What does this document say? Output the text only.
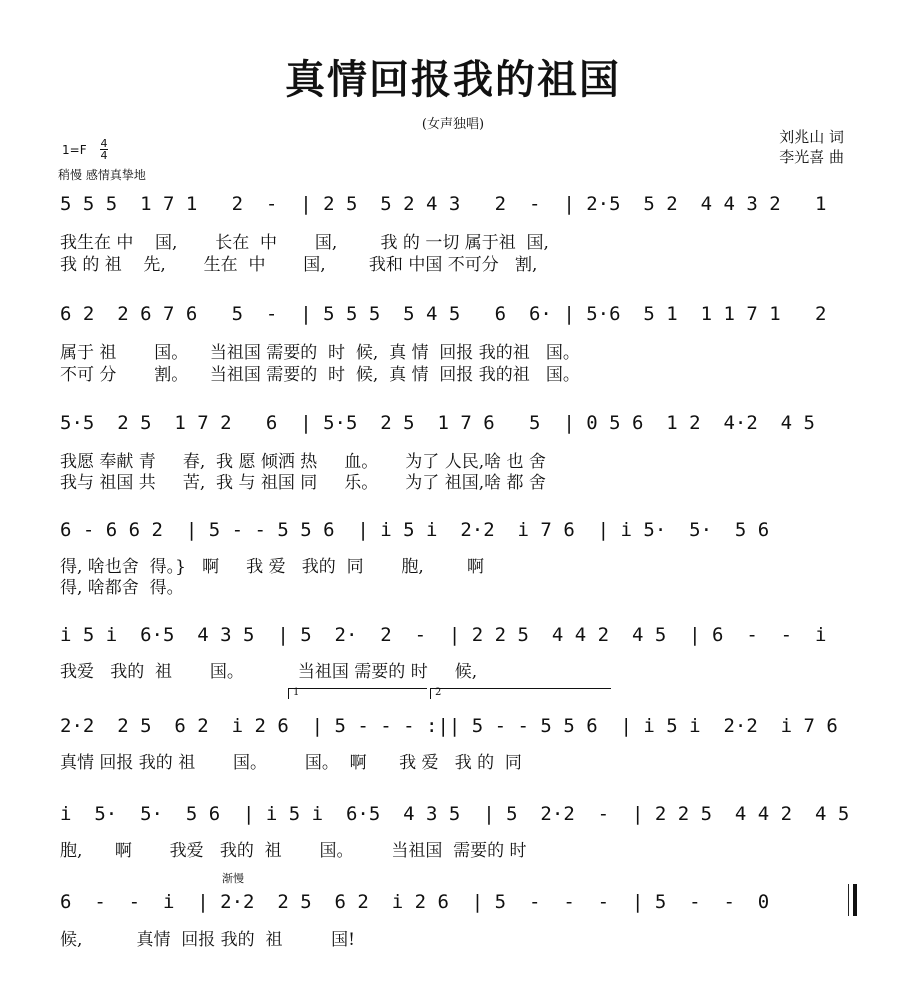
真情回报我的祖国
(女声独唱)
刘兆山 词
李光喜 曲
1=F 4
4
稍慢 感情真挚地
5 5 5  1 7 1   2  -  | 2 5  5 2 4 3   2  -  | 2·5  5 2  4 4 3 2   1
我生在 中    国,       长在  中       国,        我 的 一切 属于祖  国,
我 的 祖    先,       生在  中       国,        我和 中国 不可分   割,
6 2  2 6 7 6   5  -  | 5 5 5  5 4 5   6  6· | 5·6  5 1  1 1 7 1   2
属于 祖       国。    当祖国 需要的  时  候,  真 情  回报 我的祖   国。
不可 分       割。    当祖国 需要的  时  候,  真 情  回报 我的祖   国。
5·5  2 5  1 7 2   6  | 5·5  2 5  1 7 6   5  | 0 5 6  1 2  4·2  4 5
我愿 奉献 青     春,  我 愿 倾洒 热     血。     为了 人民,啥 也 舍
我与 祖国 共     苦,  我 与 祖国 同     乐。     为了 祖国,啥 都 舍
6 - 6 6 2  | 5 - - 5 5 6  | i 5 i  2·2  i 7 6  | i 5·  5·  5 6
得, 啥也舍  得。}   啊     我 爱   我的  同       胞,        啊
得, 啥都舍  得。
i 5 i  6·5  4 3 5  | 5  2·  2  -  | 2 2 5  4 4 2  4 5  | 6  -  -  i
我爱   我的  祖       国。          当祖国 需要的 时     候,
2·2  2 5  6 2  i 2 6  | 5 - - - :|| 5 - - 5 5 6  | i 5 i  2·2  i 7 6
真情 回报 我的 祖       国。       国。  啊      我 爱   我 的  同
i  5·  5·  5 6  | i 5 i  6·5  4 3 5  | 5  2·2  -  | 2 2 5  4 4 2  4 5
胞,      啊       我爱   我的  祖       国。       当祖国  需要的 时
6  -  -  i  | 2·2  2 5  6 2  i 2 6  | 5  -  -  -  | 5  -  -  0
候,          真情  回报 我的  祖         国!
1	2
渐慢
